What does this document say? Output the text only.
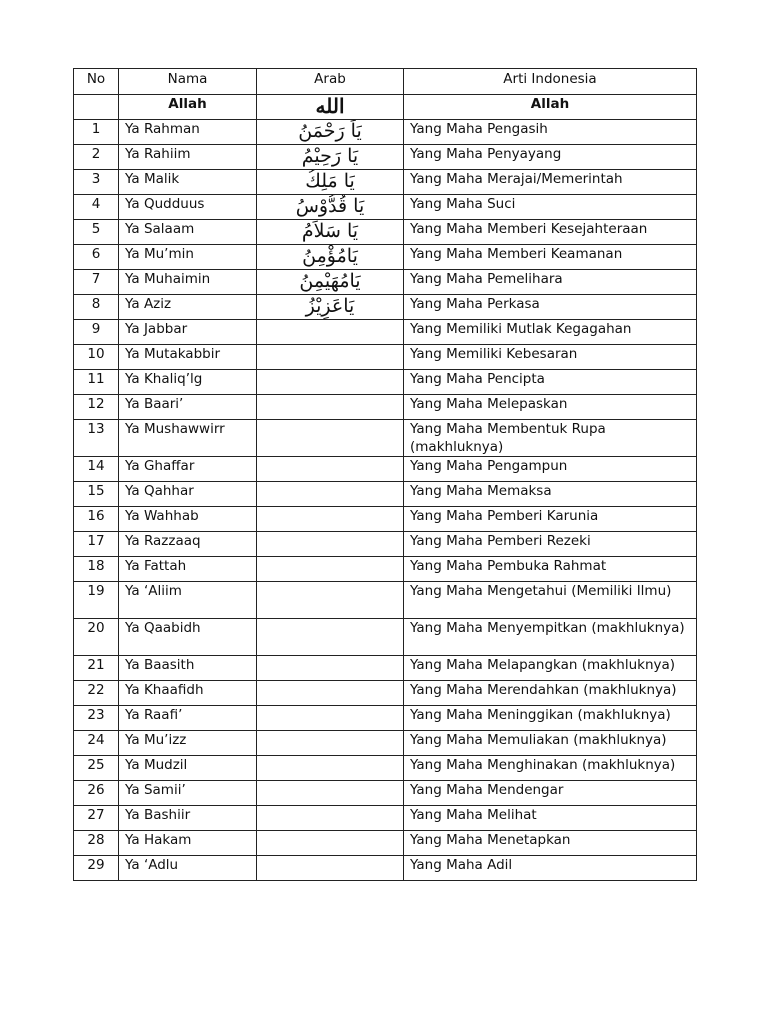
No	Nama	Arab	Arti Indonesia
	Allah	الله	Allah
1	Ya Rahman	يَاَ رَحْمَنُ	Yang Maha Pengasih
2	Ya Rahiim	يَا رَحِيْمُ	Yang Maha Penyayang
3	Ya Malik	يَا مَلِكُ	Yang Maha Merajai/Memerintah
4	Ya Qudduus	يَا قُدُّوْسُ	Yang Maha Suci
5	Ya Salaam	يَا سَلاَمُ	Yang Maha Memberi Kesejahteraan
6	Ya Mu’min	يَامُؤْمِنُ	Yang Maha Memberi Keamanan
7	Ya Muhaimin	يَامُهَيْمِنُ	Yang Maha Pemelihara
8	Ya Aziz	يَاعَزِيْزُ	Yang Maha Perkasa
9	Ya Jabbar		Yang Memiliki Mutlak Kegagahan
10	Ya Mutakabbir		Yang Memiliki Kebesaran
11	Ya Khaliq’lg		Yang Maha Pencipta
12	Ya Baari’		Yang Maha Melepaskan
13	Ya Mushawwirr		Yang Maha Membentuk Rupa (makhluknya)
14	Ya Ghaffar		Yang Maha Pengampun
15	Ya Qahhar		Yang Maha Memaksa
16	Ya Wahhab		Yang Maha Pemberi Karunia
17	Ya Razzaaq		Yang Maha Pemberi Rezeki
18	Ya Fattah		Yang Maha Pembuka Rahmat
19	Ya ‘Aliim		Yang Maha Mengetahui (Memiliki Ilmu)
20	Ya Qaabidh		Yang Maha Menyempitkan (makhluknya)
21	Ya Baasith		Yang Maha Melapangkan (makhluknya)
22	Ya Khaafidh		Yang Maha Merendahkan (makhluknya)
23	Ya Raafi’		Yang Maha Meninggikan (makhluknya)
24	Ya Mu’izz		Yang Maha Memuliakan (makhluknya)
25	Ya Mudzil		Yang Maha Menghinakan (makhluknya)
26	Ya Samii’		Yang Maha Mendengar
27	Ya Bashiir		Yang Maha Melihat
28	Ya Hakam		Yang Maha Menetapkan
29	Ya ‘Adlu		Yang Maha Adil
